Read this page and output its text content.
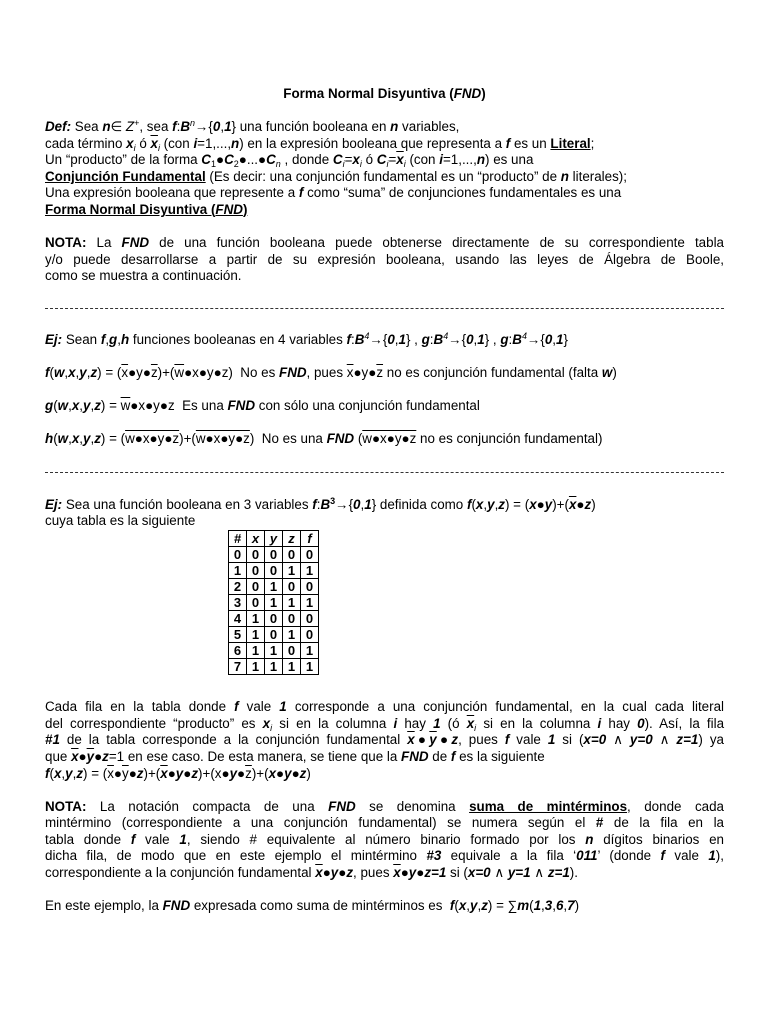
Forma Normal Disyuntiva (FND)
Def: Sea n∈ Z+, sea $f:B^n\to\{0,1\}$ una función booleana en n variables,
cada término $x_i$ ó $\overline{x}_i$ (con i=1,...,n) en la expresión booleana que representa a f es un Literal;
Un “producto” de la forma $C_1●C_2●...●C_n$ , donde $C_i=x_i$ ó $C_i=\overline{x}_i$ (con i=1,...,n) es una
Conjunción Fundamental (Es decir: una conjunción fundamental es un “producto” de n literales);
Una expresión booleana que represente a f como “suma” de conjunciones fundamentales es una
Forma Normal Disyuntiva (FND)
NOTA: La FND de una función booleana puede obtenerse directamente de su correspondiente tabla
y/o puede desarrollarse a partir de su expresión booleana, usando las leyes de Álgebra de Boole,
como se muestra a continuación.
Ej: Sean f,g,h funciones booleanas en 4 variables $f:B^4\to\{0,1\}$ , $g:B^4\to\{0,1\}$ , $g:B^4\to\{0,1\}$
$f(w,x,y,z) = (\overline{x}●y●\overline{z})+(\overline{w}●x●y●z)$  No es FND, pues $\overline{x}●y●\overline{z}$ no es conjunción fundamental (falta w)
$g(w,x,y,z) = \overline{w}●x●y●z$  Es una FND con sólo una conjunción fundamental
h(w,x,y,z) = (w●x●y●z)+(w●x●y●z)  No es una FND (w●x●y●z no es conjunción fundamental)
Ej: Sea una función booleana en 3 variables $f:B^3\to\{0,1\}$ definida como $f(x,y,z) = (x●y)+(\overline{x}●z)$
cuya tabla es la siguiente
#	x	y	z	f
0	0	0	0	0
1	0	0	1	1
2	0	1	0	0
3	0	1	1	1
4	1	0	0	0
5	1	0	1	0
6	1	1	0	1
7	1	1	1	1
Cada fila en la tabla donde f vale 1 corresponde a una conjunción fundamental, en la cual cada literal
del correspondiente “producto” es $x_i$ si en la columna i hay 1 (ó $\overline{x}_i$ si en la columna i hay 0). Así, la fila
#1 de la tabla corresponde a la conjunción fundamental $\overline{x}●\overline{y}●z$, pues f vale 1 si (x=0 ∧ y=0 ∧ z=1) ya
que $\overline{x}●\overline{y}●z=1$ en ese caso. De esta manera, se tiene que la FND de f es la siguiente
$f(x,y,z) = (\overline{x}●\overline{y}●z)+(\overline{x}●y●z)+(x●y●\overline{z})+(x●y●z)$
NOTA: La notación compacta de una FND se denomina suma de mintérminos, donde cada
mintérmino (correspondiente a una conjunción fundamental) se numera según el # de la fila en la
tabla donde f vale 1, siendo # equivalente al número binario formado por los n dígitos binarios en
dicha fila, de modo que en este ejemplo el mintérmino #3 equivale a la fila ‘011’ (donde f vale 1),
correspondiente a la conjunción fundamental $\overline{x}●y●z$, pues $\overline{x}●y●z=1$ si (x=0 ∧ y=1 ∧ z=1).
En este ejemplo, la FND expresada como suma de mintérminos es  f(x,y,z) = ∑m(1,3,6,7)
